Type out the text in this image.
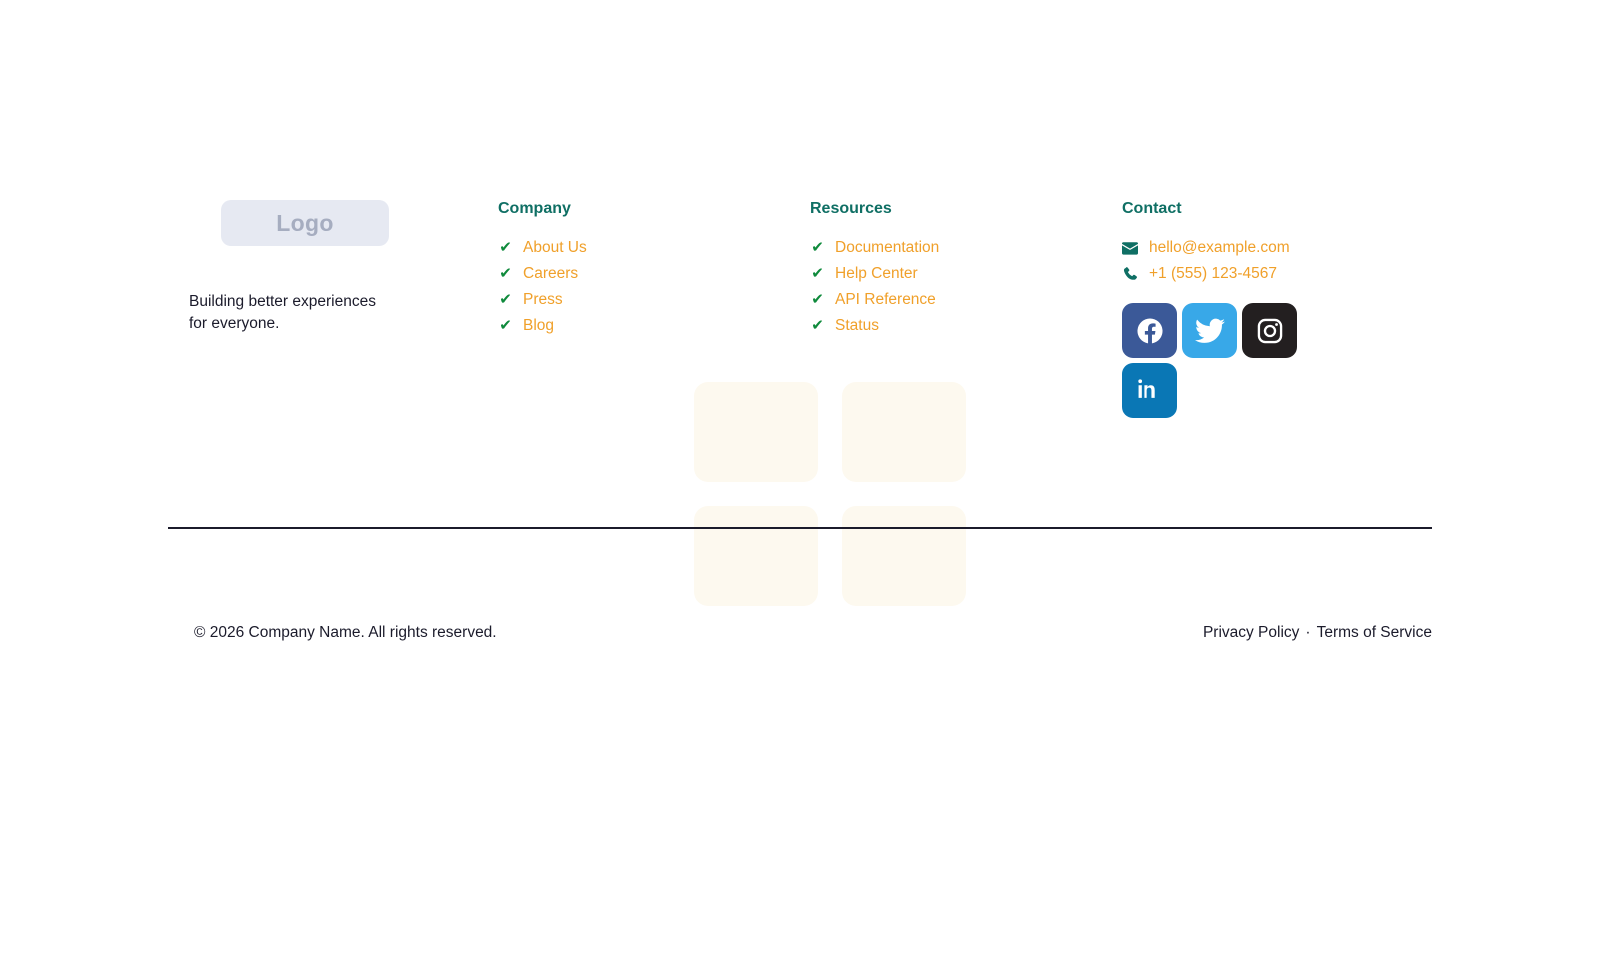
Logo
Building better experiences for everyone.
Company
✔ About Us
✔ Careers
✔ Press
✔ Blog
Resources
✔ Documentation
✔ Help Center
✔ API Reference
✔ Status
Contact
hello@example.com
+1 (555) 123-4567
© 2026 Company Name. All rights reserved.	Privacy Policy · Terms of Service
